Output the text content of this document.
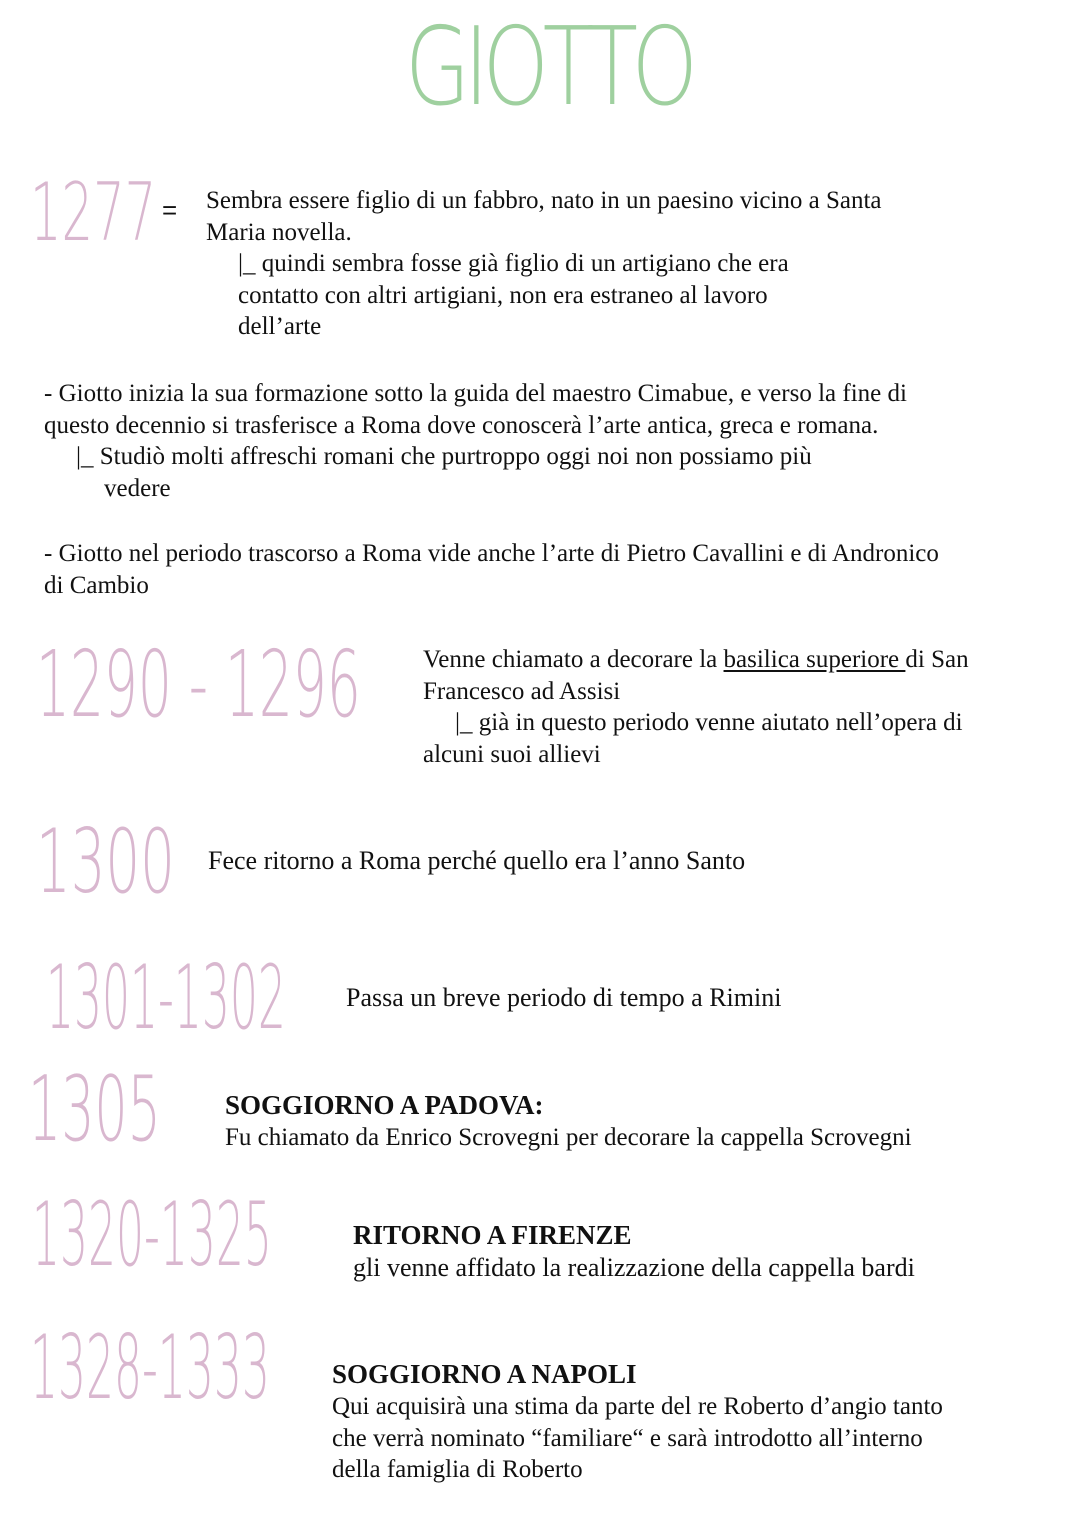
GIOTTO
1277 = Sembra essere figlio di un fabbro, nato in un paesino vicino a Santa

Maria novella.

|_ quindi sembra fosse già figlio di un artigiano che era

contatto con altri artigiani, non era estraneo al lavoro

dell’arte

- Giotto inizia la sua formazione sotto la guida del maestro Cimabue, e verso la fine di

questo decennio si trasferisce a Roma dove conoscerà l’arte antica, greca e romana.

|_ Studiò molti affreschi romani che purtroppo oggi noi non possiamo più

vedere

- Giotto nel periodo trascorso a Roma vide anche l’arte di Pietro Cavallini e di Andronico

di Cambio

1290 - 1296 Venne chiamato a decorare la basilica superiore di San

Francesco ad Assisi

|_ già in questo periodo venne aiutato nell’opera di

alcuni suoi allievi

1300 Fece ritorno a Roma perché quello era l’anno Santo

1301-1302 Passa un breve periodo di tempo a Rimini

1305 SOGGIORNO A PADOVA:

Fu chiamato da Enrico Scrovegni per decorare la cappella Scrovegni

1320-1325	RITORNO A FIRENZE

gli venne affidato la realizzazione della cappella bardi

1328-1333 SOGGIORNO A NAPOLI

Qui acquisirà una stima da parte del re Roberto d’angio tanto

che verrà nominato “familiare“ e sarà introdotto all’interno

della famiglia di Roberto
